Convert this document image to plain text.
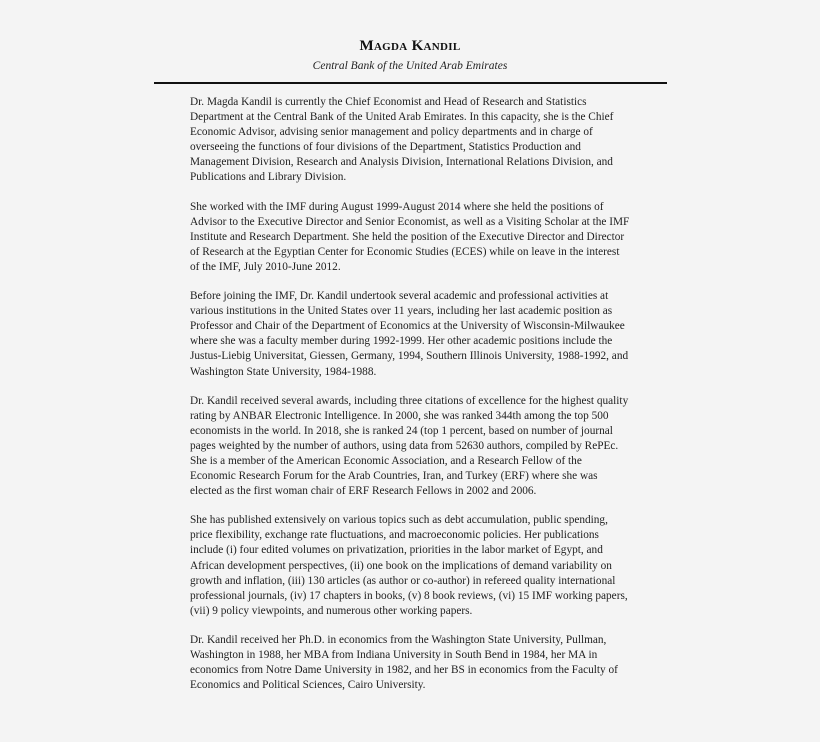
Magda Kandil
Central Bank of the United Arab Emirates

Dr. Magda Kandil is currently the Chief Economist and Head of Research and Statistics Department at the Central Bank of the United Arab Emirates. In this capacity, she is the Chief Economic Advisor, advising senior management and policy departments and in charge of overseeing the functions of four divisions of the Department, Statistics Production and Management Division, Research and Analysis Division, International Relations Division, and Publications and Library Division.

She worked with the IMF during August 1999-August 2014 where she held the positions of Advisor to the Executive Director and Senior Economist, as well as a Visiting Scholar at the IMF Institute and Research Department. She held the position of the Executive Director and Director of Research at the Egyptian Center for Economic Studies (ECES) while on leave in the interest of the IMF, July 2010-June 2012.

Before joining the IMF, Dr. Kandil undertook several academic and professional activities at various institutions in the United States over 11 years, including her last academic position as Professor and Chair of the Department of Economics at the University of Wisconsin-Milwaukee where she was a faculty member during 1992-1999. Her other academic positions include the Justus-Liebig Universitat, Giessen, Germany, 1994, Southern Illinois University, 1988-1992, and Washington State University, 1984-1988.

Dr. Kandil received several awards, including three citations of excellence for the highest quality rating by ANBAR Electronic Intelligence. In 2000, she was ranked 344th among the top 500 economists in the world. In 2018, she is ranked 24 (top 1 percent, based on number of journal pages weighted by the number of authors, using data from 52630 authors, compiled by RePEc. She is a member of the American Economic Association, and a Research Fellow of the Economic Research Forum for the Arab Countries, Iran, and Turkey (ERF) where she was elected as the first woman chair of ERF Research Fellows in 2002 and 2006.

She has published extensively on various topics such as debt accumulation, public spending, price flexibility, exchange rate fluctuations, and macroeconomic policies. Her publications include (i) four edited volumes on privatization, priorities in the labor market of Egypt, and African development perspectives, (ii) one book on the implications of demand variability on growth and inflation, (iii) 130 articles (as author or co-author) in refereed quality international professional journals, (iv) 17 chapters in books, (v) 8 book reviews, (vi) 15 IMF working papers, (vii) 9 policy viewpoints, and numerous other working papers.

Dr. Kandil received her Ph.D. in economics from the Washington State University, Pullman, Washington in 1988, her MBA from Indiana University in South Bend in 1984, her MA in economics from Notre Dame University in 1982, and her BS in economics from the Faculty of Economics and Political Sciences, Cairo University.
